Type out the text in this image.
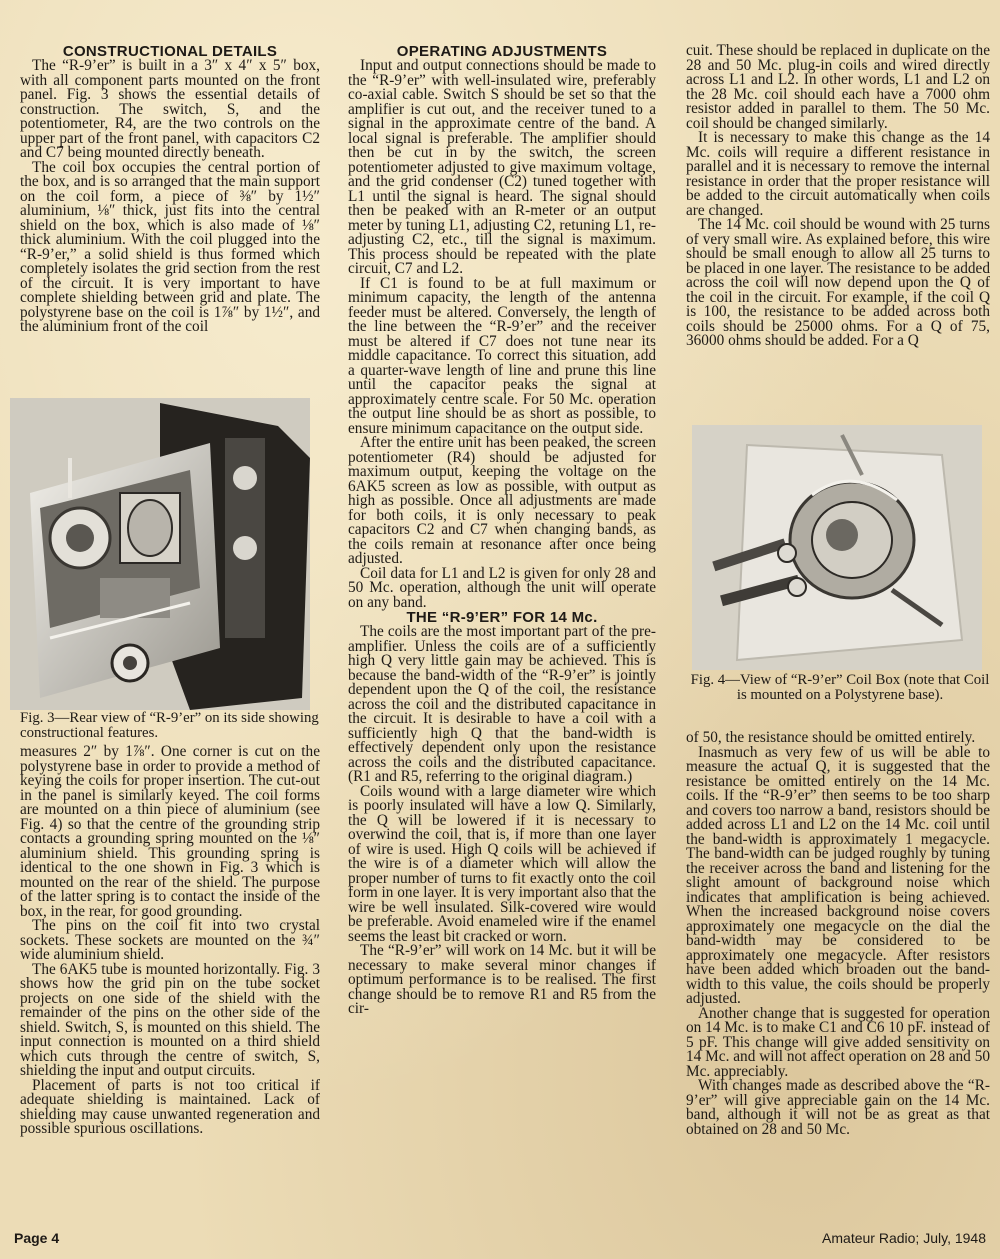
CONSTRUCTIONAL DETAILS

The “R-9’er” is built in a 3″ x 4″ x 5″ box, with all component parts mounted on the front panel. Fig. 3 shows the essential details of construction. The switch, S, and the potentiometer, R4, are the two controls on the upper part of the front panel, with capacitors C2 and C7 being mounted directly beneath.

The coil box occupies the central portion of the box, and is so arranged that the main support on the coil form, a piece of ⅜″ by 1½″ aluminium, ⅛″ thick, just fits into the central shield on the box, which is also made of ⅛″ thick aluminium. With the coil plugged into the “R-9’er,” a solid shield is thus formed which completely isolates the grid section from the rest of the circuit. It is very important to have complete shielding between grid and plate. The polystyrene base on the coil is 1⅞″ by 1½″, and the aluminium front of the coil

Fig. 3—Rear view of “R-9’er” on its side showing constructional features.

measures 2″ by 1⅞″. One corner is cut on the polystyrene base in order to provide a method of keying the coils for proper insertion. The cut-out in the panel is similarly keyed. The coil forms are mounted on a thin piece of aluminium (see Fig. 4) so that the centre of the grounding strip contacts a grounding spring mounted on the ⅛″ aluminium shield. This grounding spring is identical to the one shown in Fig. 3 which is mounted on the rear of the shield. The purpose of the latter spring is to contact the inside of the box, in the rear, for good grounding.

The pins on the coil fit into two crystal sockets. These sockets are mounted on the ¾″ wide aluminium shield.

The 6AK5 tube is mounted horizontally. Fig. 3 shows how the grid pin on the tube socket projects on one side of the shield with the remainder of the pins on the other side of the shield. Switch, S, is mounted on this shield. The input connection is mounted on a third shield which cuts through the centre of switch, S, shielding the input and output circuits.

Placement of parts is not too critical if adequate shielding is maintained. Lack of shielding may cause unwanted regeneration and possible spurious oscillations.

OPERATING ADJUSTMENTS

Input and output connections should be made to the “R-9’er” with well-insulated wire, preferably co-axial cable. Switch S should be set so that the amplifier is cut out, and the receiver tuned to a signal in the approximate centre of the band. A local signal is preferable. The amplifier should then be cut in by the switch, the screen potentiometer adjusted to give maximum voltage, and the grid condenser (C2) tuned together with L1 until the signal is heard. The signal should then be peaked with an R-meter or an output meter by tuning L1, adjusting C2, retuning L1, re-adjusting C2, etc., till the signal is maximum. This process should be repeated with the plate circuit, C7 and L2.

If C1 is found to be at full maximum or minimum capacity, the length of the antenna feeder must be altered. Conversely, the length of the line between the “R-9’er” and the receiver must be altered if C7 does not tune near its middle capacitance. To correct this situation, add a quarter-wave length of line and prune this line until the capacitor peaks the signal at approximately centre scale. For 50 Mc. operation the output line should be as short as possible, to ensure minimum capacitance on the output side.

After the entire unit has been peaked, the screen potentiometer (R4) should be adjusted for maximum output, keeping the voltage on the 6AK5 screen as low as possible, with output as high as possible. Once all adjustments are made for both coils, it is only necessary to peak capacitors C2 and C7 when changing bands, as the coils remain at resonance after once being adjusted.

Coil data for L1 and L2 is given for only 28 and 50 Mc. operation, although the unit will operate on any band.

THE “R-9’ER” FOR 14 Mc.

The coils are the most important part of the pre-amplifier. Unless the coils are of a sufficiently high Q very little gain may be achieved. This is because the band-width of the “R-9’er” is jointly dependent upon the Q of the coil, the resistance across the coil and the distributed capacitance in the circuit. It is desirable to have a coil with a sufficiently high Q that the band-width is effectively dependent only upon the resistance across the coils and the distributed capacitance. (R1 and R5, referring to the original diagram.)

Coils wound with a large diameter wire which is poorly insulated will have a low Q. Similarly, the Q will be lowered if it is necessary to overwind the coil, that is, if more than one layer of wire is used. High Q coils will be achieved if the wire is of a diameter which will allow the proper number of turns to fit exactly onto the coil form in one layer. It is very important also that the wire be well insulated. Silk-covered wire would be preferable. Avoid enameled wire if the enamel seems the least bit cracked or worn.

The “R-9’er” will work on 14 Mc. but it will be necessary to make several minor changes if optimum performance is to be realised. The first change should be to remove R1 and R5 from the cir-

cuit. These should be replaced in duplicate on the 28 and 50 Mc. plug-in coils and wired directly across L1 and L2. In other words, L1 and L2 on the 28 Mc. coil should each have a 7000 ohm resistor added in parallel to them. The 50 Mc. coil should be changed similarly.

It is necessary to make this change as the 14 Mc. coils will require a different resistance in parallel and it is necessary to remove the internal resistance in order that the proper resistance will be added to the circuit automatically when coils are changed.

The 14 Mc. coil should be wound with 25 turns of very small wire. As explained before, this wire should be small enough to allow all 25 turns to be placed in one layer. The resistance to be added across the coil will now depend upon the Q of the coil in the circuit. For example, if the coil Q is 100, the resistance to be added across both coils should be 25000 ohms. For a Q of 75, 36000 ohms should be added. For a Q

Fig. 4—View of “R-9’er” Coil Box (note that Coil is mounted on a Polystyrene base).

of 50, the resistance should be omitted entirely.

Inasmuch as very few of us will be able to measure the actual Q, it is suggested that the resistance be omitted entirely on the 14 Mc. coils. If the “R-9’er” then seems to be too sharp and covers too narrow a band, resistors should be added across L1 and L2 on the 14 Mc. coil until the band-width is approximately 1 megacycle. The band-width can be judged roughly by tuning the receiver across the band and listening for the slight amount of background noise which indicates that amplification is being achieved. When the increased background noise covers approximately one megacycle on the dial the band-width may be considered to be approximately one megacycle. After resistors have been added which broaden out the band-width to this value, the coils should be properly adjusted.

Another change that is suggested for operation on 14 Mc. is to make C1 and C6 10 pF. instead of 5 pF. This change will give added sensitivity on 14 Mc. and will not affect operation on 28 and 50 Mc. appreciably.

With changes made as described above the “R-9’er” will give appreciable gain on the 14 Mc. band, although it will not be as great as that obtained on 28 and 50 Mc.

Page 4	Amateur Radio; July, 1948
